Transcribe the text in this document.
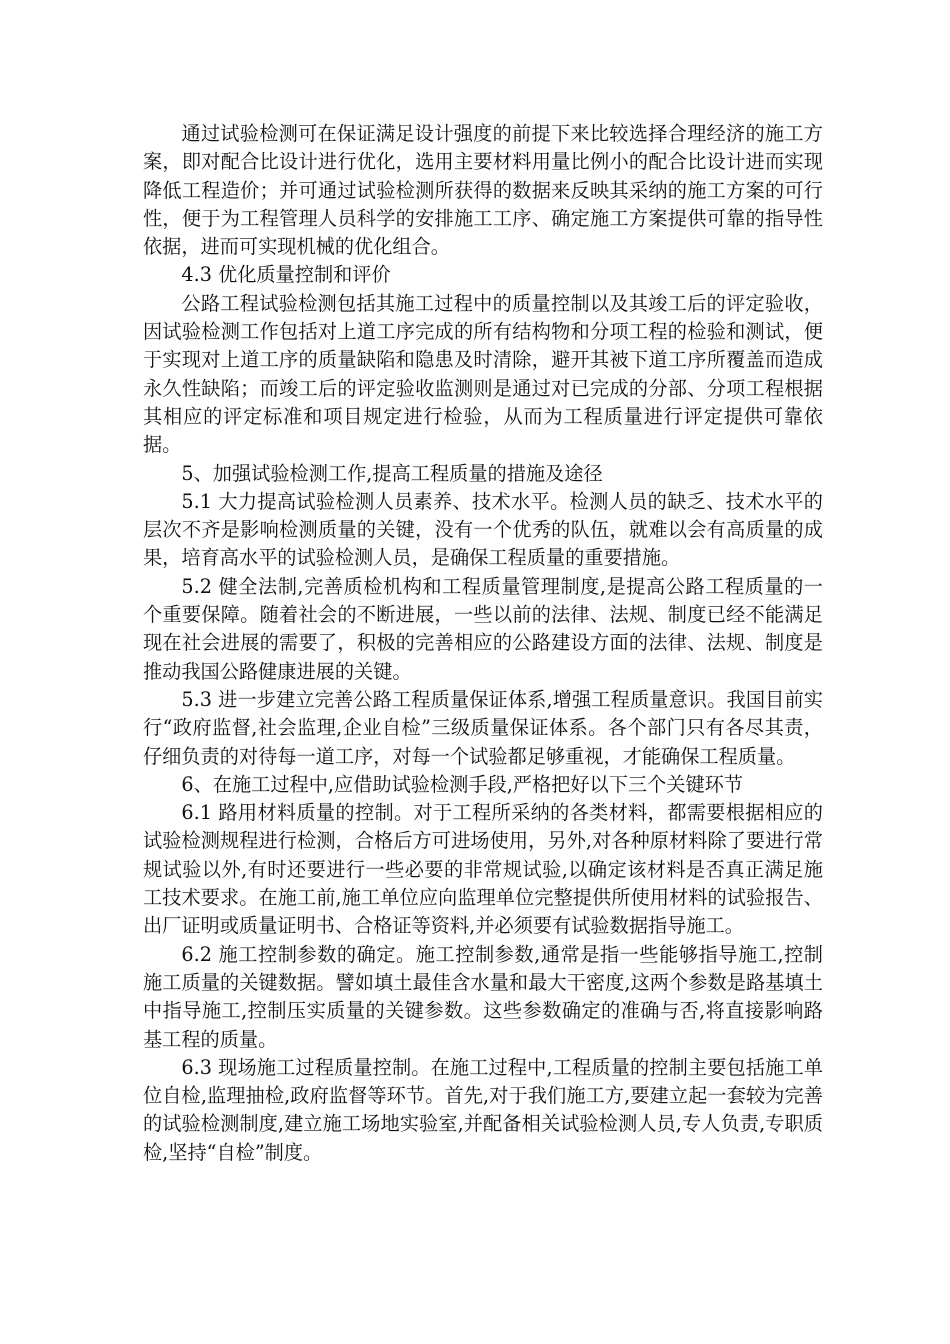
通过试验检测可在保证满足设计强度的前提下来比较选择合理经济的施工方案，即对配合比设计进行优化，选用主要材料用量比例小的配合比设计进而实现降低工程造价；并可通过试验检测所获得的数据来反映其采纳的施工方案的可行性，便于为工程管理人员科学的安排施工工序、确定施工方案提供可靠的指导性依据，进而可实现机械的优化组合。

4.3 优化质量控制和评价

公路工程试验检测包括其施工过程中的质量控制以及其竣工后的评定验收，因试验检测工作包括对上道工序完成的所有结构物和分项工程的检验和测试，便于实现对上道工序的质量缺陷和隐患及时清除，避开其被下道工序所覆盖而造成永久性缺陷；而竣工后的评定验收监测则是通过对已完成的分部、分项工程根据其相应的评定标准和项目规定进行检验，从而为工程质量进行评定提供可靠依据。

5、加强试验检测工作,提高工程质量的措施及途径

5.1 大力提高试验检测人员素养、技术水平。检测人员的缺乏、技术水平的层次不齐是影响检测质量的关键，没有一个优秀的队伍，就难以会有高质量的成果，培育高水平的试验检测人员，是确保工程质量的重要措施。

5.2 健全法制,完善质检机构和工程质量管理制度,是提高公路工程质量的一个重要保障。随着社会的不断进展，一些以前的法律、法规、制度已经不能满足现在社会进展的需要了，积极的完善相应的公路建设方面的法律、法规、制度是推动我国公路健康进展的关键。

5.3 进一步建立完善公路工程质量保证体系,增强工程质量意识。我国目前实行“政府监督,社会监理,企业自检”三级质量保证体系。各个部门只有各尽其责，仔细负责的对待每一道工序，对每一个试验都足够重视，才能确保工程质量。

6、在施工过程中,应借助试验检测手段,严格把好以下三个关键环节

6.1 路用材料质量的控制。对于工程所采纳的各类材料，都需要根据相应的试验检测规程进行检测，合格后方可进场使用，另外,对各种原材料除了要进行常规试验以外,有时还要进行一些必要的非常规试验,以确定该材料是否真正满足施工技术要求。在施工前,施工单位应向监理单位完整提供所使用材料的试验报告、出厂证明或质量证明书、合格证等资料,并必须要有试验数据指导施工。

6.2 施工控制参数的确定。施工控制参数,通常是指一些能够指导施工,控制施工质量的关键数据。譬如填土最佳含水量和最大干密度,这两个参数是路基填土中指导施工,控制压实质量的关键参数。这些参数确定的准确与否,将直接影响路基工程的质量。

6.3 现场施工过程质量控制。在施工过程中,工程质量的控制主要包括施工单位自检,监理抽检,政府监督等环节。首先,对于我们施工方,要建立起一套较为完善的试验检测制度,建立施工场地实验室,并配备相关试验检测人员,专人负责,专职质检,坚持“自检”制度。
